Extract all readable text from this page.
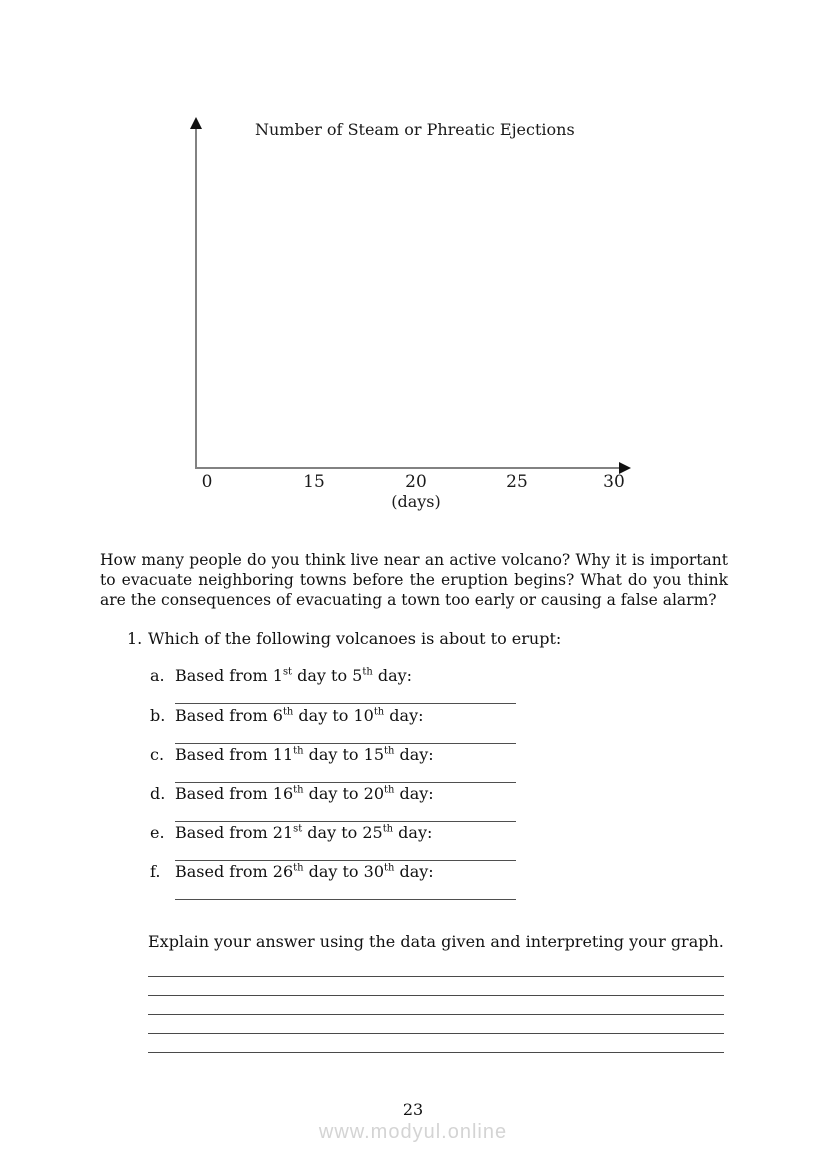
Number of Steam or Phreatic Ejections
0	15	20	25	30
(days)
How many people do you think live near an active volcano? Why it is important
to evacuate neighboring towns before the eruption begins? What do you think
are the consequences of evacuating a town too early or causing a false alarm?
1. Which of the following volcanoes is about to erupt:
a. Based from 1st day to 5th day:
b. Based from 6th day to 10th day:
c. Based from 11th day to 15th day:
d. Based from 16th day to 20th day:
e. Based from 21st day to 25th day:
f. Based from 26th day to 30th day:
Explain your answer using the data given and interpreting your graph.
23
www.modyul.online
